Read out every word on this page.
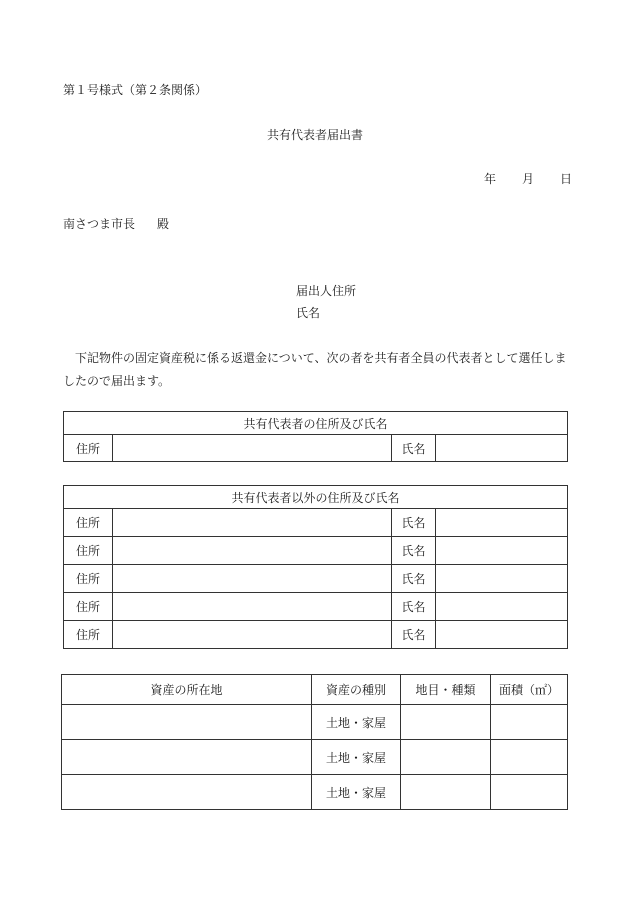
第１号様式（第２条関係）
共有代表者届出書
年 月 日
南さつま市長 殿
届出人住所
氏名
下記物件の固定資産税に係る返還金について、次の者を共有者全員の代表者として選任しましたので届出ます。
共有代表者の住所及び氏名
住所		氏名	
共有代表者以外の住所及び氏名			
住所		氏名	
住所		氏名	
住所		氏名	
住所		氏名	
住所		氏名	
資産の所在地	資産の種別	地目・種類	面積（㎡）
	土地・家屋		
	土地・家屋		
	土地・家屋		
